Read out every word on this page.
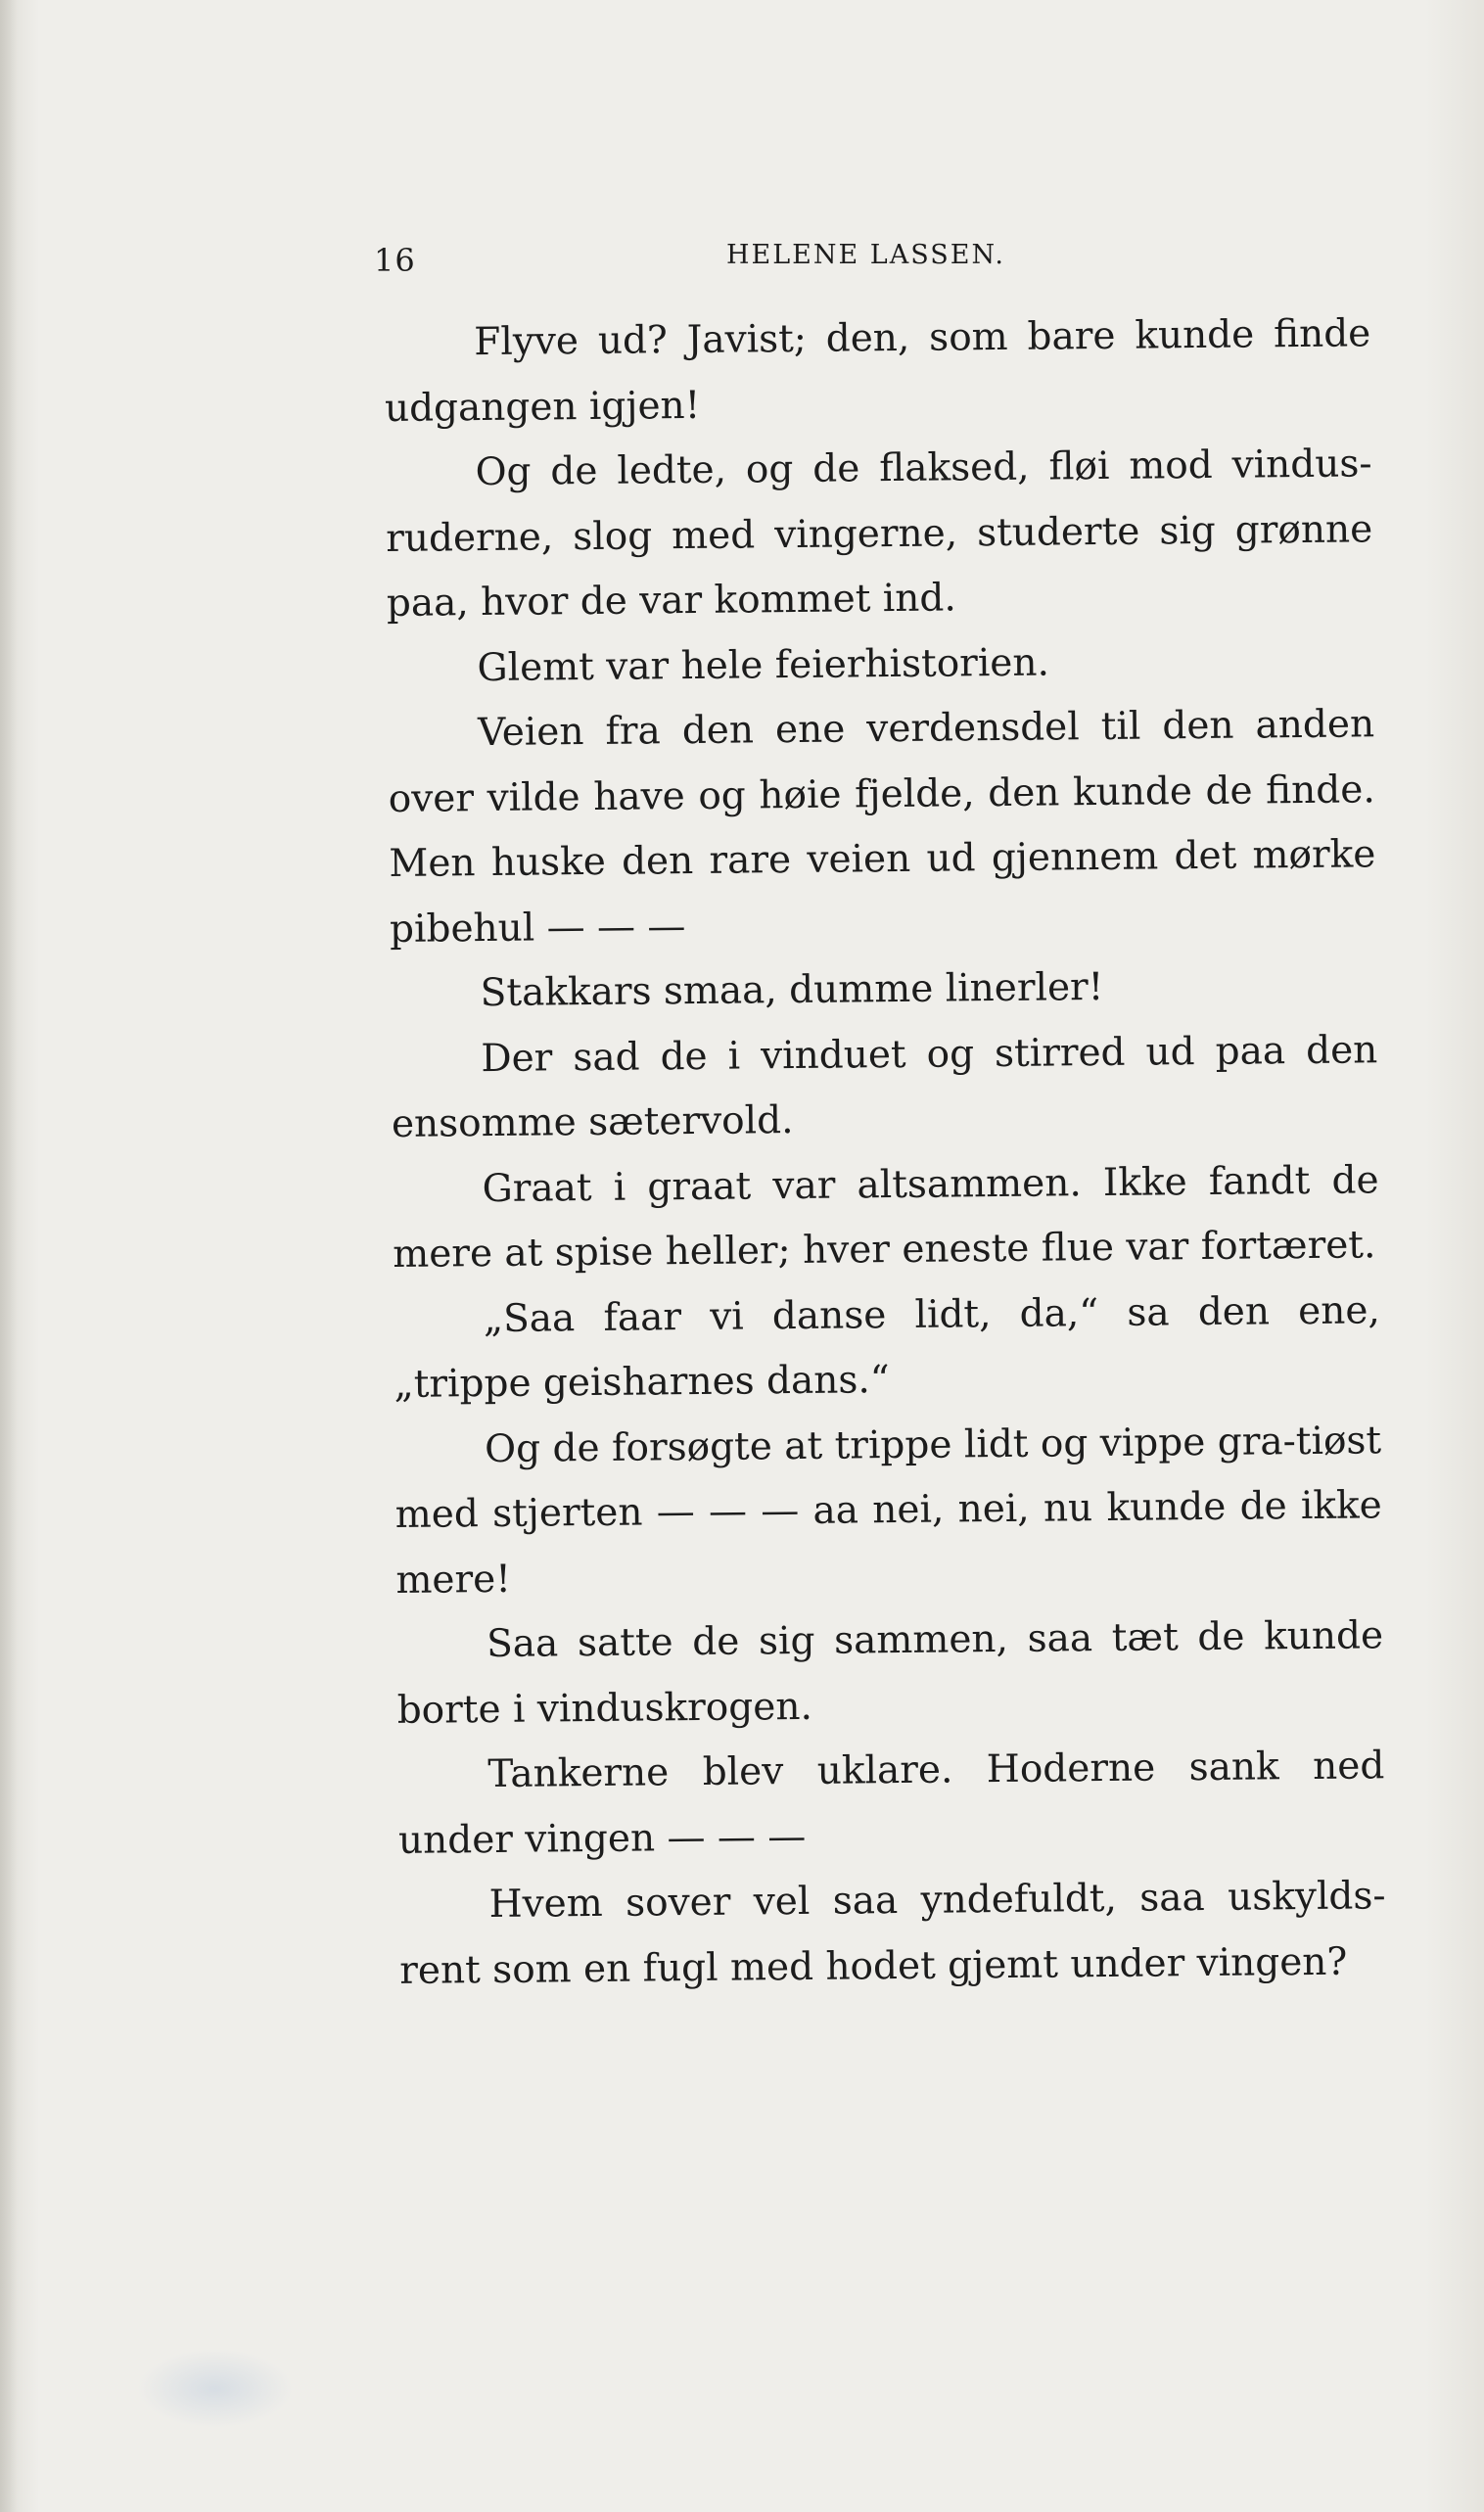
16	HELENE LASSEN.

Flyve ud? Javist; den, som bare kunde finde udgangen igjen!

Og de ledte, og de flaksed, fløi mod vindus-ruderne, slog med vingerne, studerte sig grønne paa, hvor de var kommet ind.

Glemt var hele feierhistorien.

Veien fra den ene verdensdel til den anden over vilde have og høie fjelde, den kunde de finde. Men huske den rare veien ud gjennem det mørke pibehul — — —

Stakkars smaa, dumme linerler!

Der sad de i vinduet og stirred ud paa den ensomme sætervold.

Graat i graat var altsammen. Ikke fandt de mere at spise heller; hver eneste flue var fortæret.

„Saa faar vi danse lidt, da,“ sa den ene, „trippe geisharnes dans.“

Og de forsøgte at trippe lidt og vippe gra-tiøst med stjerten — — — aa nei, nei, nu kunde de ikke mere!

Saa satte de sig sammen, saa tæt de kunde borte i vinduskrogen.

Tankerne blev uklare. Hoderne sank ned under vingen — — —

Hvem sover vel saa yndefuldt, saa uskylds-rent som en fugl med hodet gjemt under vingen?
